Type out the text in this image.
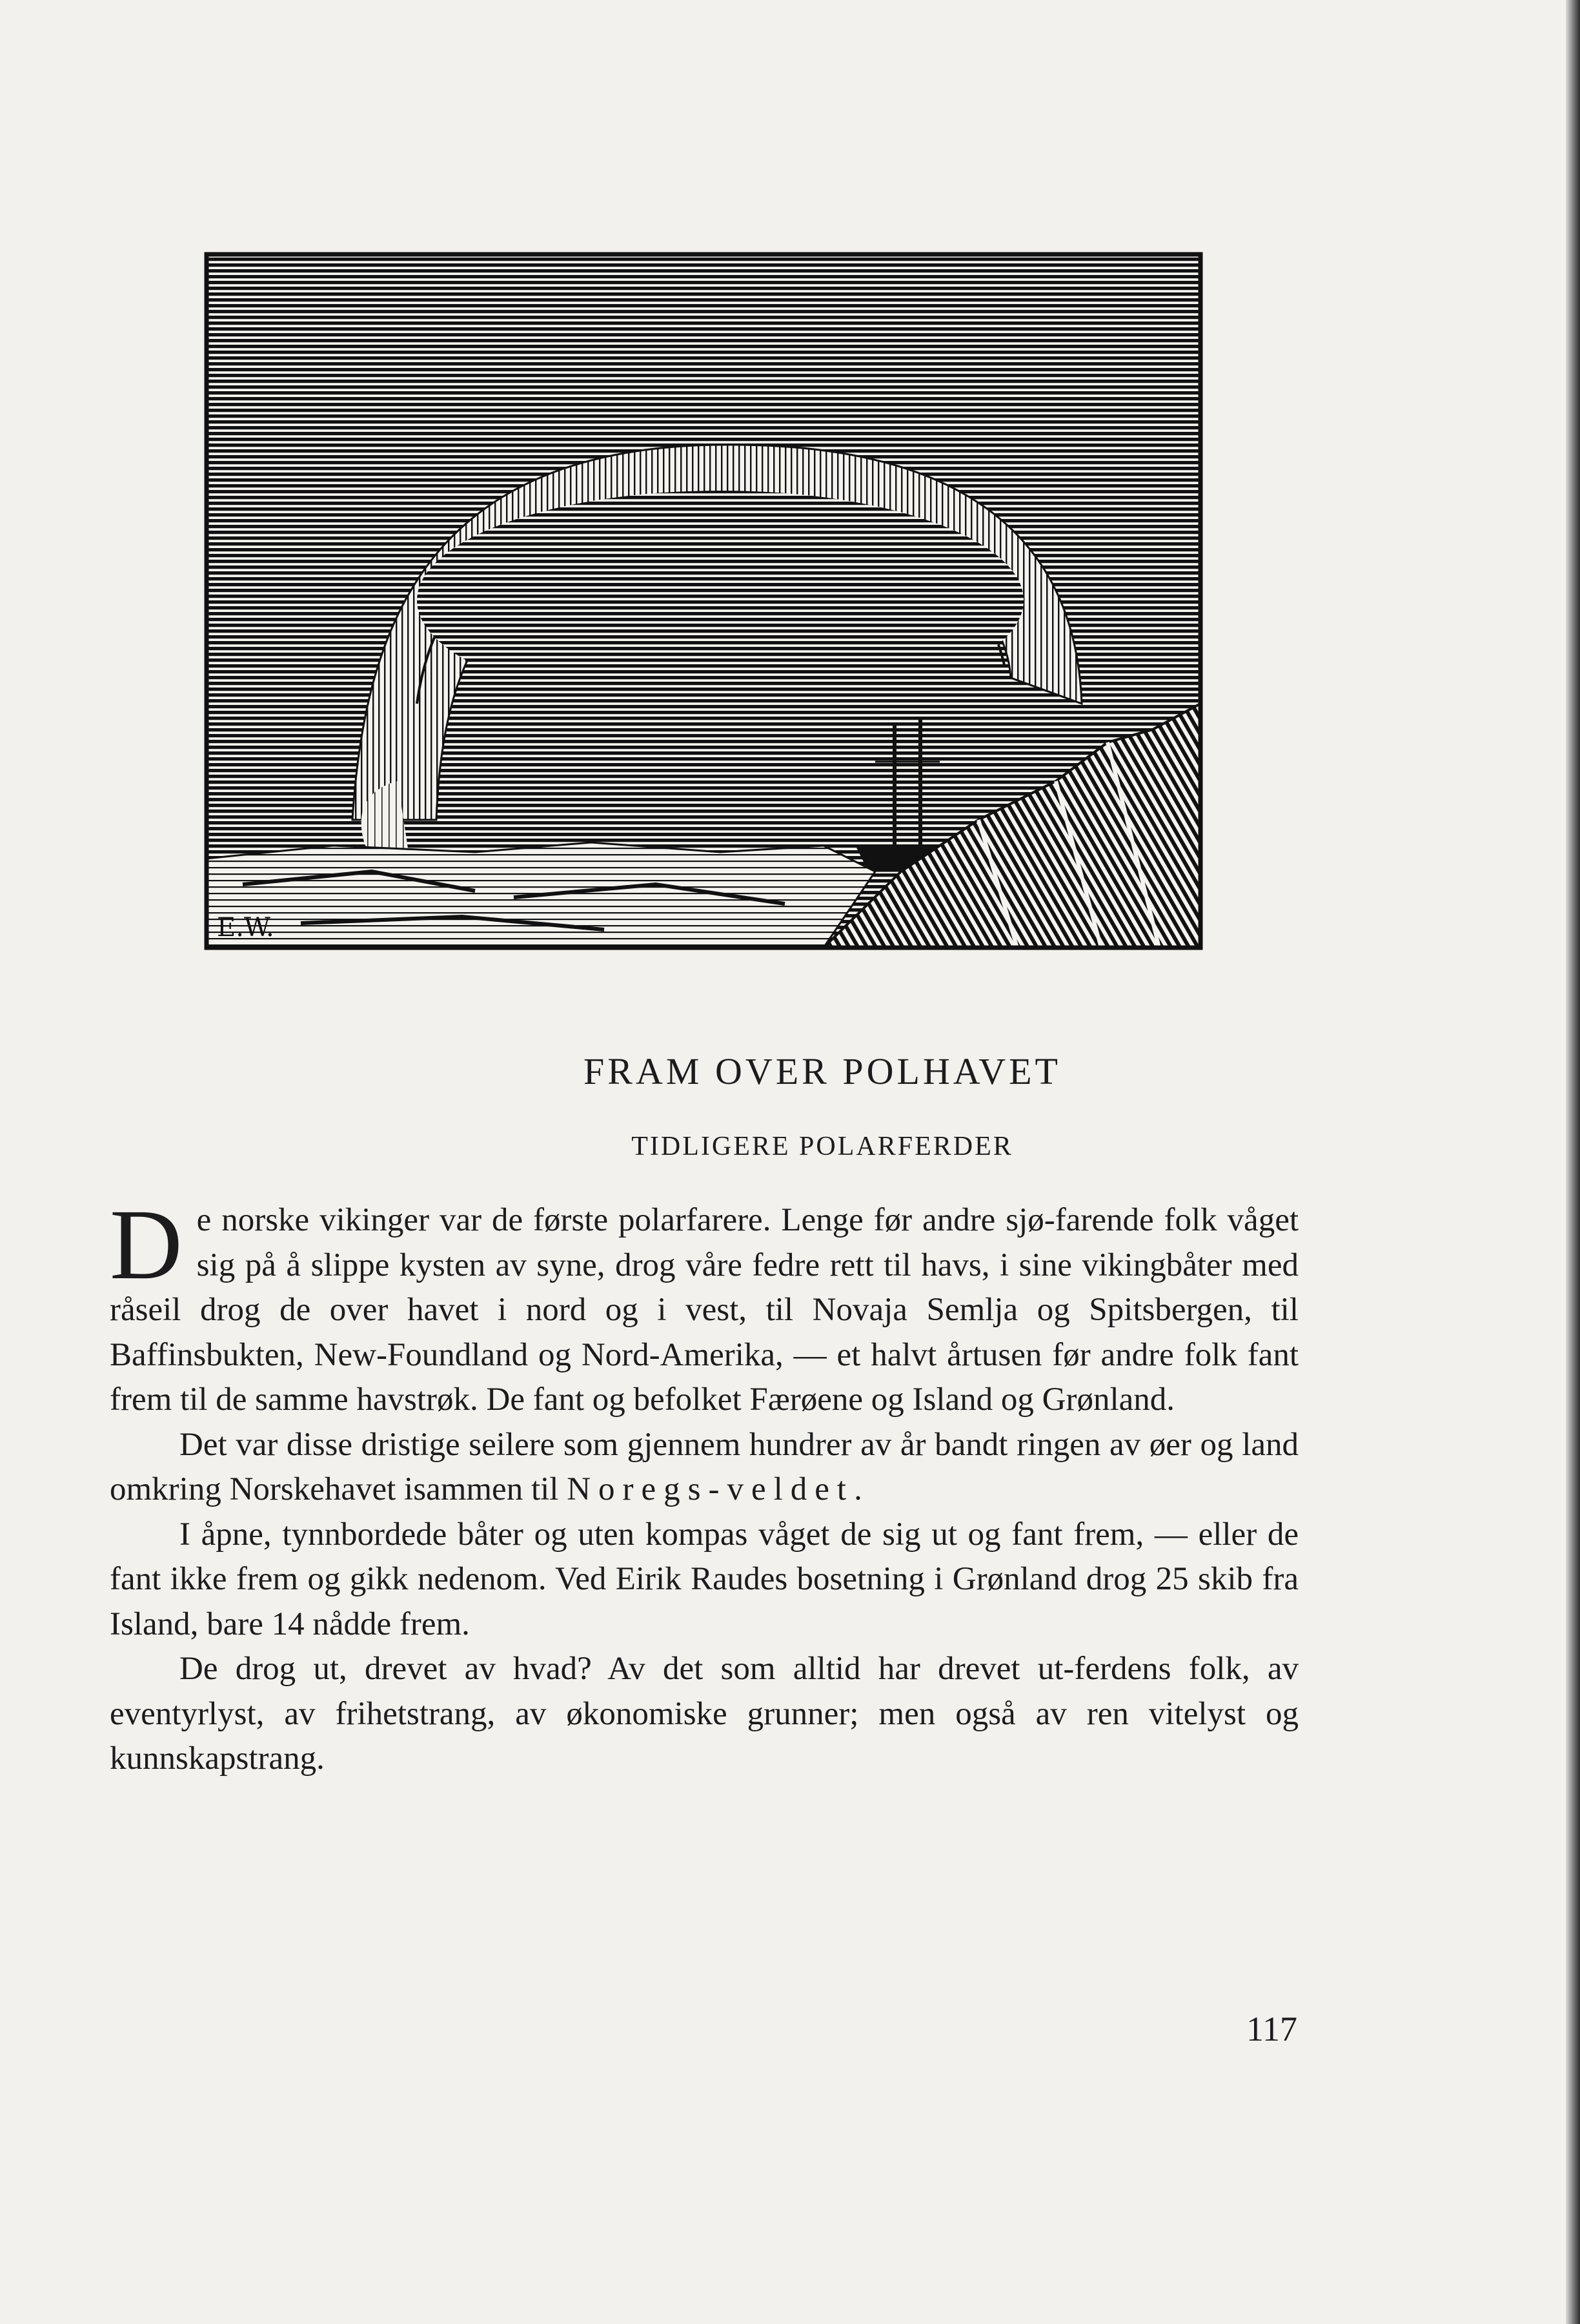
E.W.
FRAM OVER POLHAVET
TIDLIGERE POLARFERDER

De norske vikinger var de første polarfarere. Lenge før andre sjø-farende folk våget sig på å slippe kysten av syne, drog våre fedre rett til havs, i sine vikingbåter med råseil drog de over havet i nord og i vest, til Novaja Semlja og Spitsbergen, til Baffinsbukten, New-Foundland og Nord-Amerika, — et halvt årtusen før andre folk fant frem til de samme havstrøk. De fant og befolket Færøene og Island og Grønland.

Det var disse dristige seilere som gjennem hundrer av år bandt ringen av øer og land omkring Norskehavet isammen til Noregs-veldet.

I åpne, tynnbordede båter og uten kompas våget de sig ut og fant frem, — eller de fant ikke frem og gikk nedenom. Ved Eirik Raudes bosetning i Grønland drog 25 skib fra Island, bare 14 nådde frem.

De drog ut, drevet av hvad? Av det som alltid har drevet ut-ferdens folk, av eventyrlyst, av frihetstrang, av økonomiske grunner; men også av ren vitelyst og kunnskapstrang.

117
